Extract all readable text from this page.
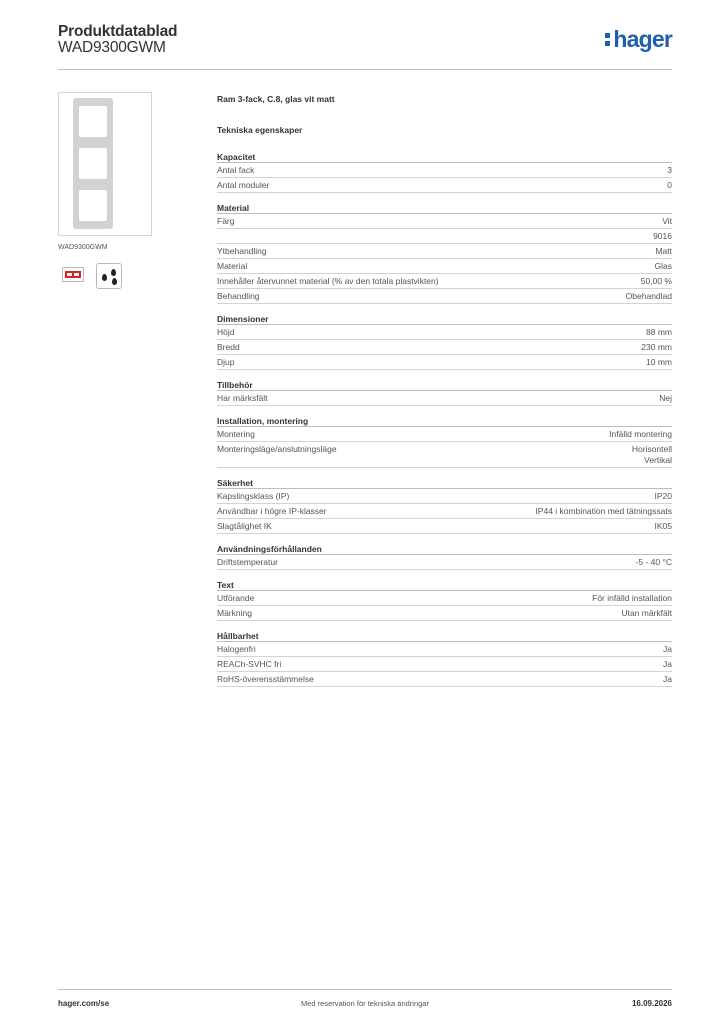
Produktdatablad
WAD9300GWM	hager
WAD9300GWM
Ram 3-fack, C.8, glas vit matt
Tekniska egenskaper
Kapacitet
Antal fack	3
Antal moduler	0
Material
Färg	Vit
9016
Ytbehandling	Matt
Material	Glas
Innehåller återvunnet material (% av den totala plastvikten)	50,00 %
Behandling	Obehandlad
Dimensioner
Höjd	88 mm
Bredd	230 mm
Djup	10 mm
Tillbehör
Har märksfält	Nej
Installation, montering
Montering	Infälld montering
Monteringsläge/anslutningsläge	Horisontell
Vertikal
Säkerhet
Kapslingsklass (IP)	IP20
Användbar i högre IP-klasser	IP44 i kombination med tätningssats
Slagtålighet IK	IK05
Användningsförhållanden
Driftstemperatur	-5 - 40 °C
Text
Utförande	För infälld installation
Märkning	Utan märkfält
Hållbarhet
Halogenfri	Ja
REACh-SVHC fri	Ja
RoHS-överensstämmelse	Ja
hager.com/se	Med reservation för tekniska ändringar	16.09.2026
